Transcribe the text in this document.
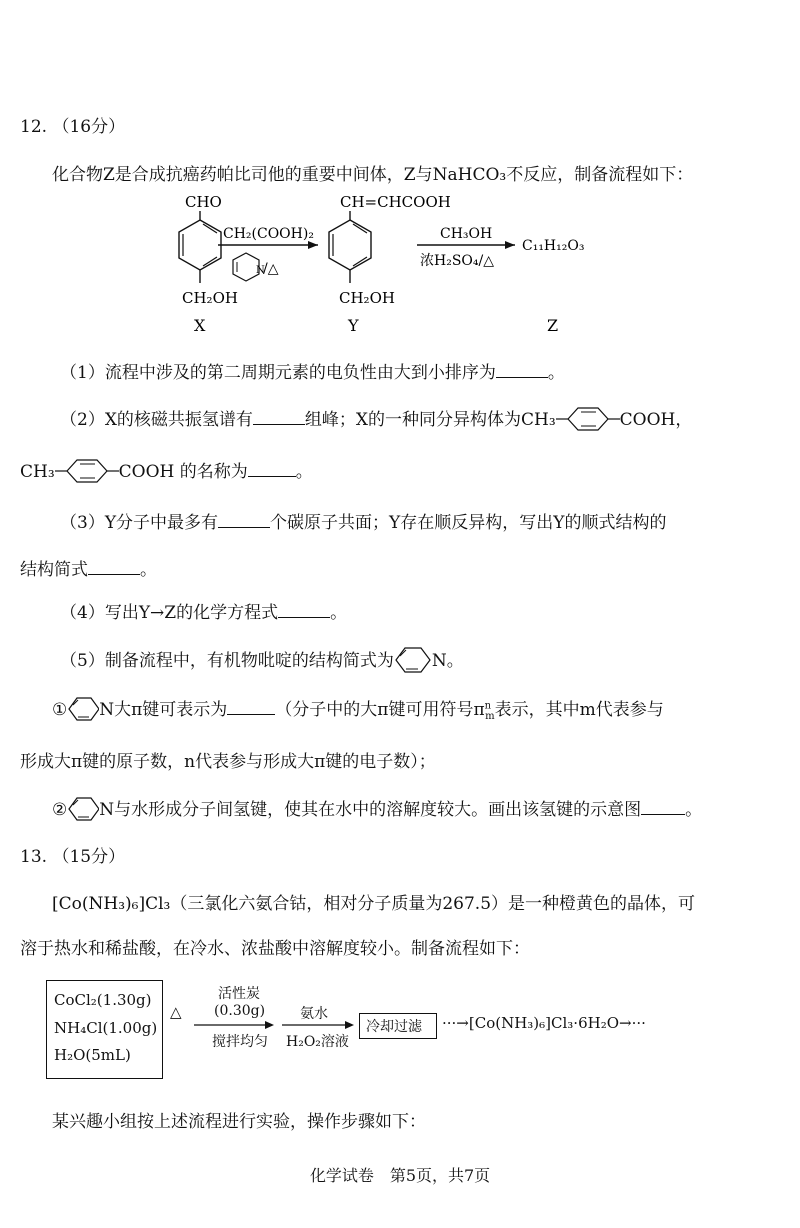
12. （16分）
化合物Z是合成抗癌药帕比司他的重要中间体，Z与NaHCO₃不反应，制备流程如下：
CHO
CH₂OH
X
CH₂(COOH)₂
N
/△
CH=CHCOOH
CH₂OH
Y
CH₃OH
浓H₂SO₄/△
C₁₁H₁₂O₃
Z
（1）流程中涉及的第二周期元素的电负性由大到小排序为	。
（2）X的核磁共振氢谱有	组峰；X的一种同分异构体为CH₃	COOH，
CH₃	COOH 的名称为	。
（3）Y分子中最多有	个碳原子共面；Y存在顺反异构，写出Y的顺式结构的
结构简式	。
（4）写出Y→Z的化学方程式	。
（5）制备流程中，有机物吡啶的结构简式为 N。
① N大π键可表示为	（分子中的大π键可用符号$\pi^n_m$表示，其中m代表参与
形成大π键的原子数，n代表参与形成大π键的电子数）；
② N与水形成分子间氢键，使其在水中的溶解度较大。画出该氢键的示意图	。
13. （15分）
[Co(NH₃)₆]Cl₃（三氯化六氨合钴，相对分子质量为267.5）是一种橙黄色的晶体，可
溶于热水和稀盐酸，在冷水、浓盐酸中溶解度较小。制备流程如下：
CoCl₂(1.30g)
NH₄Cl(1.00g)
H₂O(5mL)
△
活性炭
(0.30g)
搅拌均匀
氨水
H₂O₂溶液
冷却过滤 ···→[Co(NH₃)₆]Cl₃·6H₂O→···
某兴趣小组按上述流程进行实验，操作步骤如下：
化学试卷　第5页，共7页
